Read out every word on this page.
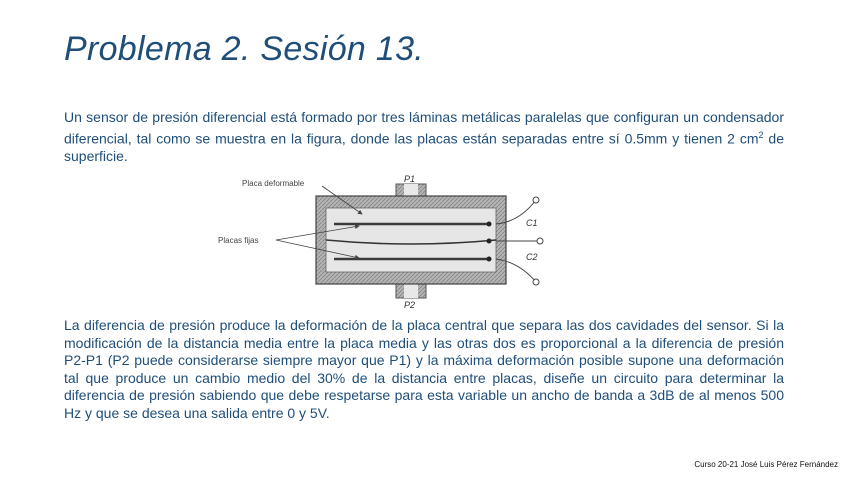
Problema 2. Sesión 13.

Un sensor de presión diferencial está formado por tres láminas metálicas paralelas que configuran un condensador diferencial, tal como se muestra en la figura, donde las placas están separadas entre sí 0.5mm y tienen 2 $cm^2$ de superficie.

Placa deformable
Placas fijas
P1
P2
C1
C2

La diferencia de presión produce la deformación de la placa central que separa las dos cavidades del sensor. Si la modificación de la distancia media entre la placa media y las otras dos es proporcional a la diferencia de presión P2-P1 (P2 puede considerarse siempre mayor que P1) y la máxima deformación posible supone una deformación tal que produce un cambio medio del 30% de la distancia entre placas, diseñe un circuito para determinar la diferencia de presión sabiendo que debe respetarse para esta variable un ancho de banda a 3dB de al menos 500 Hz y que se desea una salida entre 0 y 5V.

Curso 20-21 José Luis Pérez Fernández
